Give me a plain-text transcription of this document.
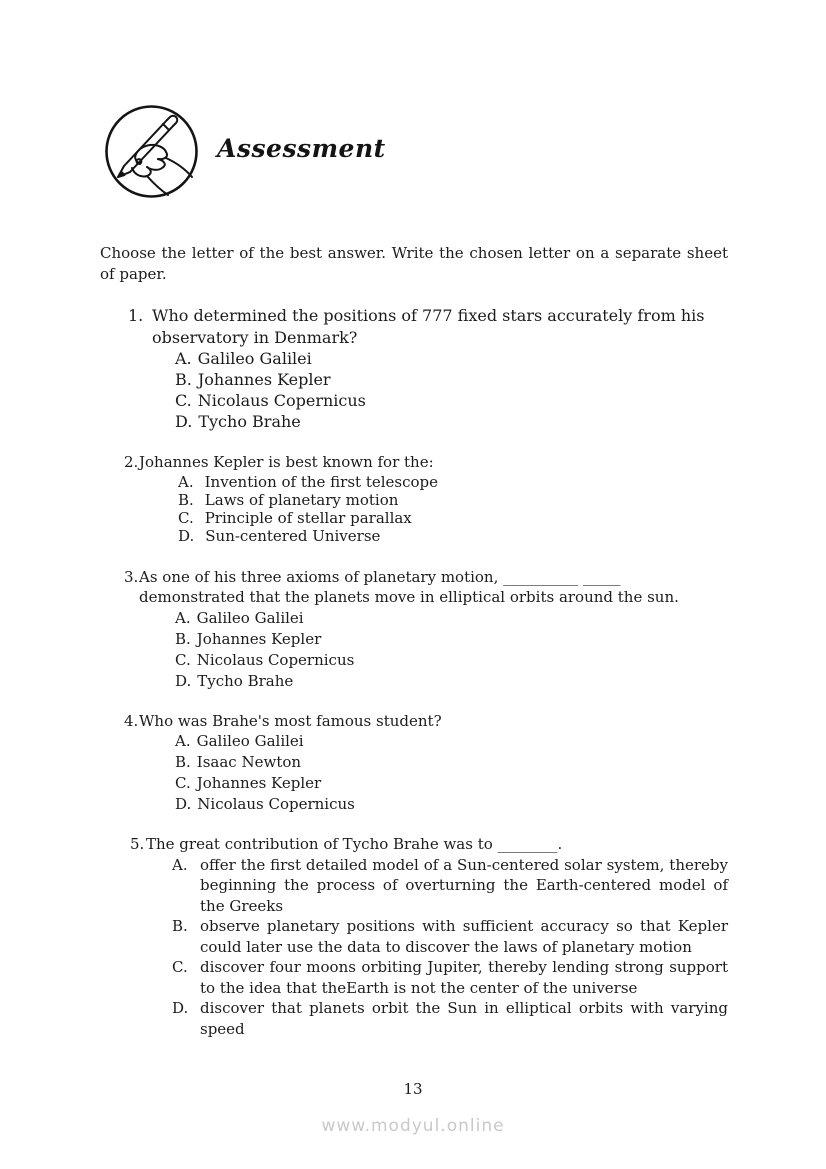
Assessment

Choose the letter of the best answer. Write the chosen letter on a separate sheet of paper.

1. Who determined the positions of 777 fixed stars accurately from his observatory in Denmark?
A. Galileo Galilei
B. Johannes Kepler
C. Nicolaus Copernicus
D. Tycho Brahe
2. Johannes Kepler is best known for the:
A. Invention of the first telescope
B. Laws of planetary motion
C. Principle of stellar parallax
D. Sun-centered Universe
3. As one of his three axioms of planetary motion, __________ _____ demonstrated that the planets move in elliptical orbits around the sun.
A. Galileo Galilei
B. Johannes Kepler
C. Nicolaus Copernicus
D. Tycho Brahe
4. Who was Brahe's most famous student?
A. Galileo Galilei
B. Isaac Newton
C. Johannes Kepler
D. Nicolaus Copernicus
5. The great contribution of Tycho Brahe was to ________.
A. offer the first detailed model of a Sun-centered solar system, thereby beginning the process of overturning the Earth-centered model of the Greeks
B. observe planetary positions with sufficient accuracy so that Kepler could later use the data to discover the laws of planetary motion
C. discover four moons orbiting Jupiter, thereby lending strong support to the idea that theEarth is not the center of the universe
D. discover that planets orbit the Sun in elliptical orbits with varying speed
13
www.modyul.online
